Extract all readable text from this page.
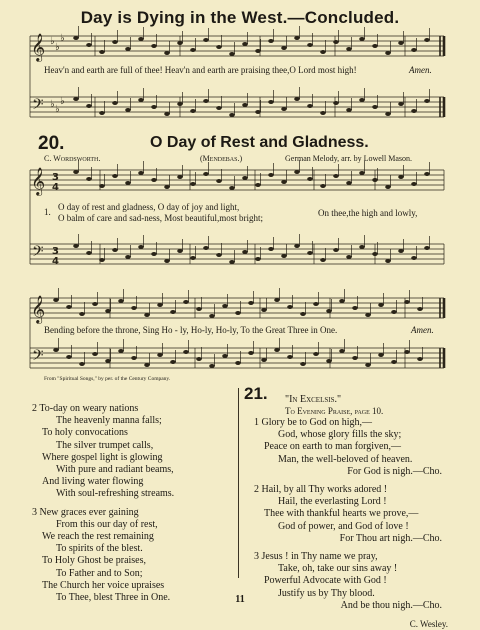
Day is Dying in the West.—Concluded.
𝄞
𝄢
𝄞
𝄢
𝄞
𝄢
♭
♭
♭
♭ ♭
♭
3
4
3
4
Heav'n and earth are full of thee! Heav'n and earth are praising thee,O Lord most high!	Amen.
20.	O Day of Rest and Gladness.
C. Wordsworth.	(Mendebas.)	German Melody, arr. by Lowell Mason.
1. O day of rest and gladness, O day of joy and light,
O balm of care and sad-ness, Most beautiful,most bright;	On thee,the high and lowly,
Bending before the throne, Sing Ho - ly, Ho-ly, Ho-ly, To the Great Three in One.	Amen.
From "Spiritual Songs," by per. of the Century Company.
2 To-day on weary nations
The heavenly manna falls;
To holy convocations
The silver trumpet calls,
Where gospel light is glowing
With pure and radiant beams,
And living water flowing
With soul-refreshing streams.
3 New graces ever gaining
From this our day of rest,
We reach the rest remaining
To spirits of the blest.
To Holy Ghost be praises,
To Father and to Son;
The Church her voice upraises
To Thee, blest Three in One.
21. "In Excelsis."
To Evening Praise, page 10.
1 Glory be to God on high,—
God, whose glory fills the sky;
Peace on earth to man forgiven,—
Man, the well-beloved of heaven.
For God is nigh.—Cho.
2 Hail, by all Thy works adored !
Hail, the everlasting Lord !
Thee with thankful hearts we prove,—
God of power, and God of love !
For Thou art nigh.—Cho.
3 Jesus ! in Thy name we pray,
Take, oh, take our sins away !
Powerful Advocate with God !
Justify us by Thy blood.
And be thou nigh.—Cho.
C. Wesley.
11
